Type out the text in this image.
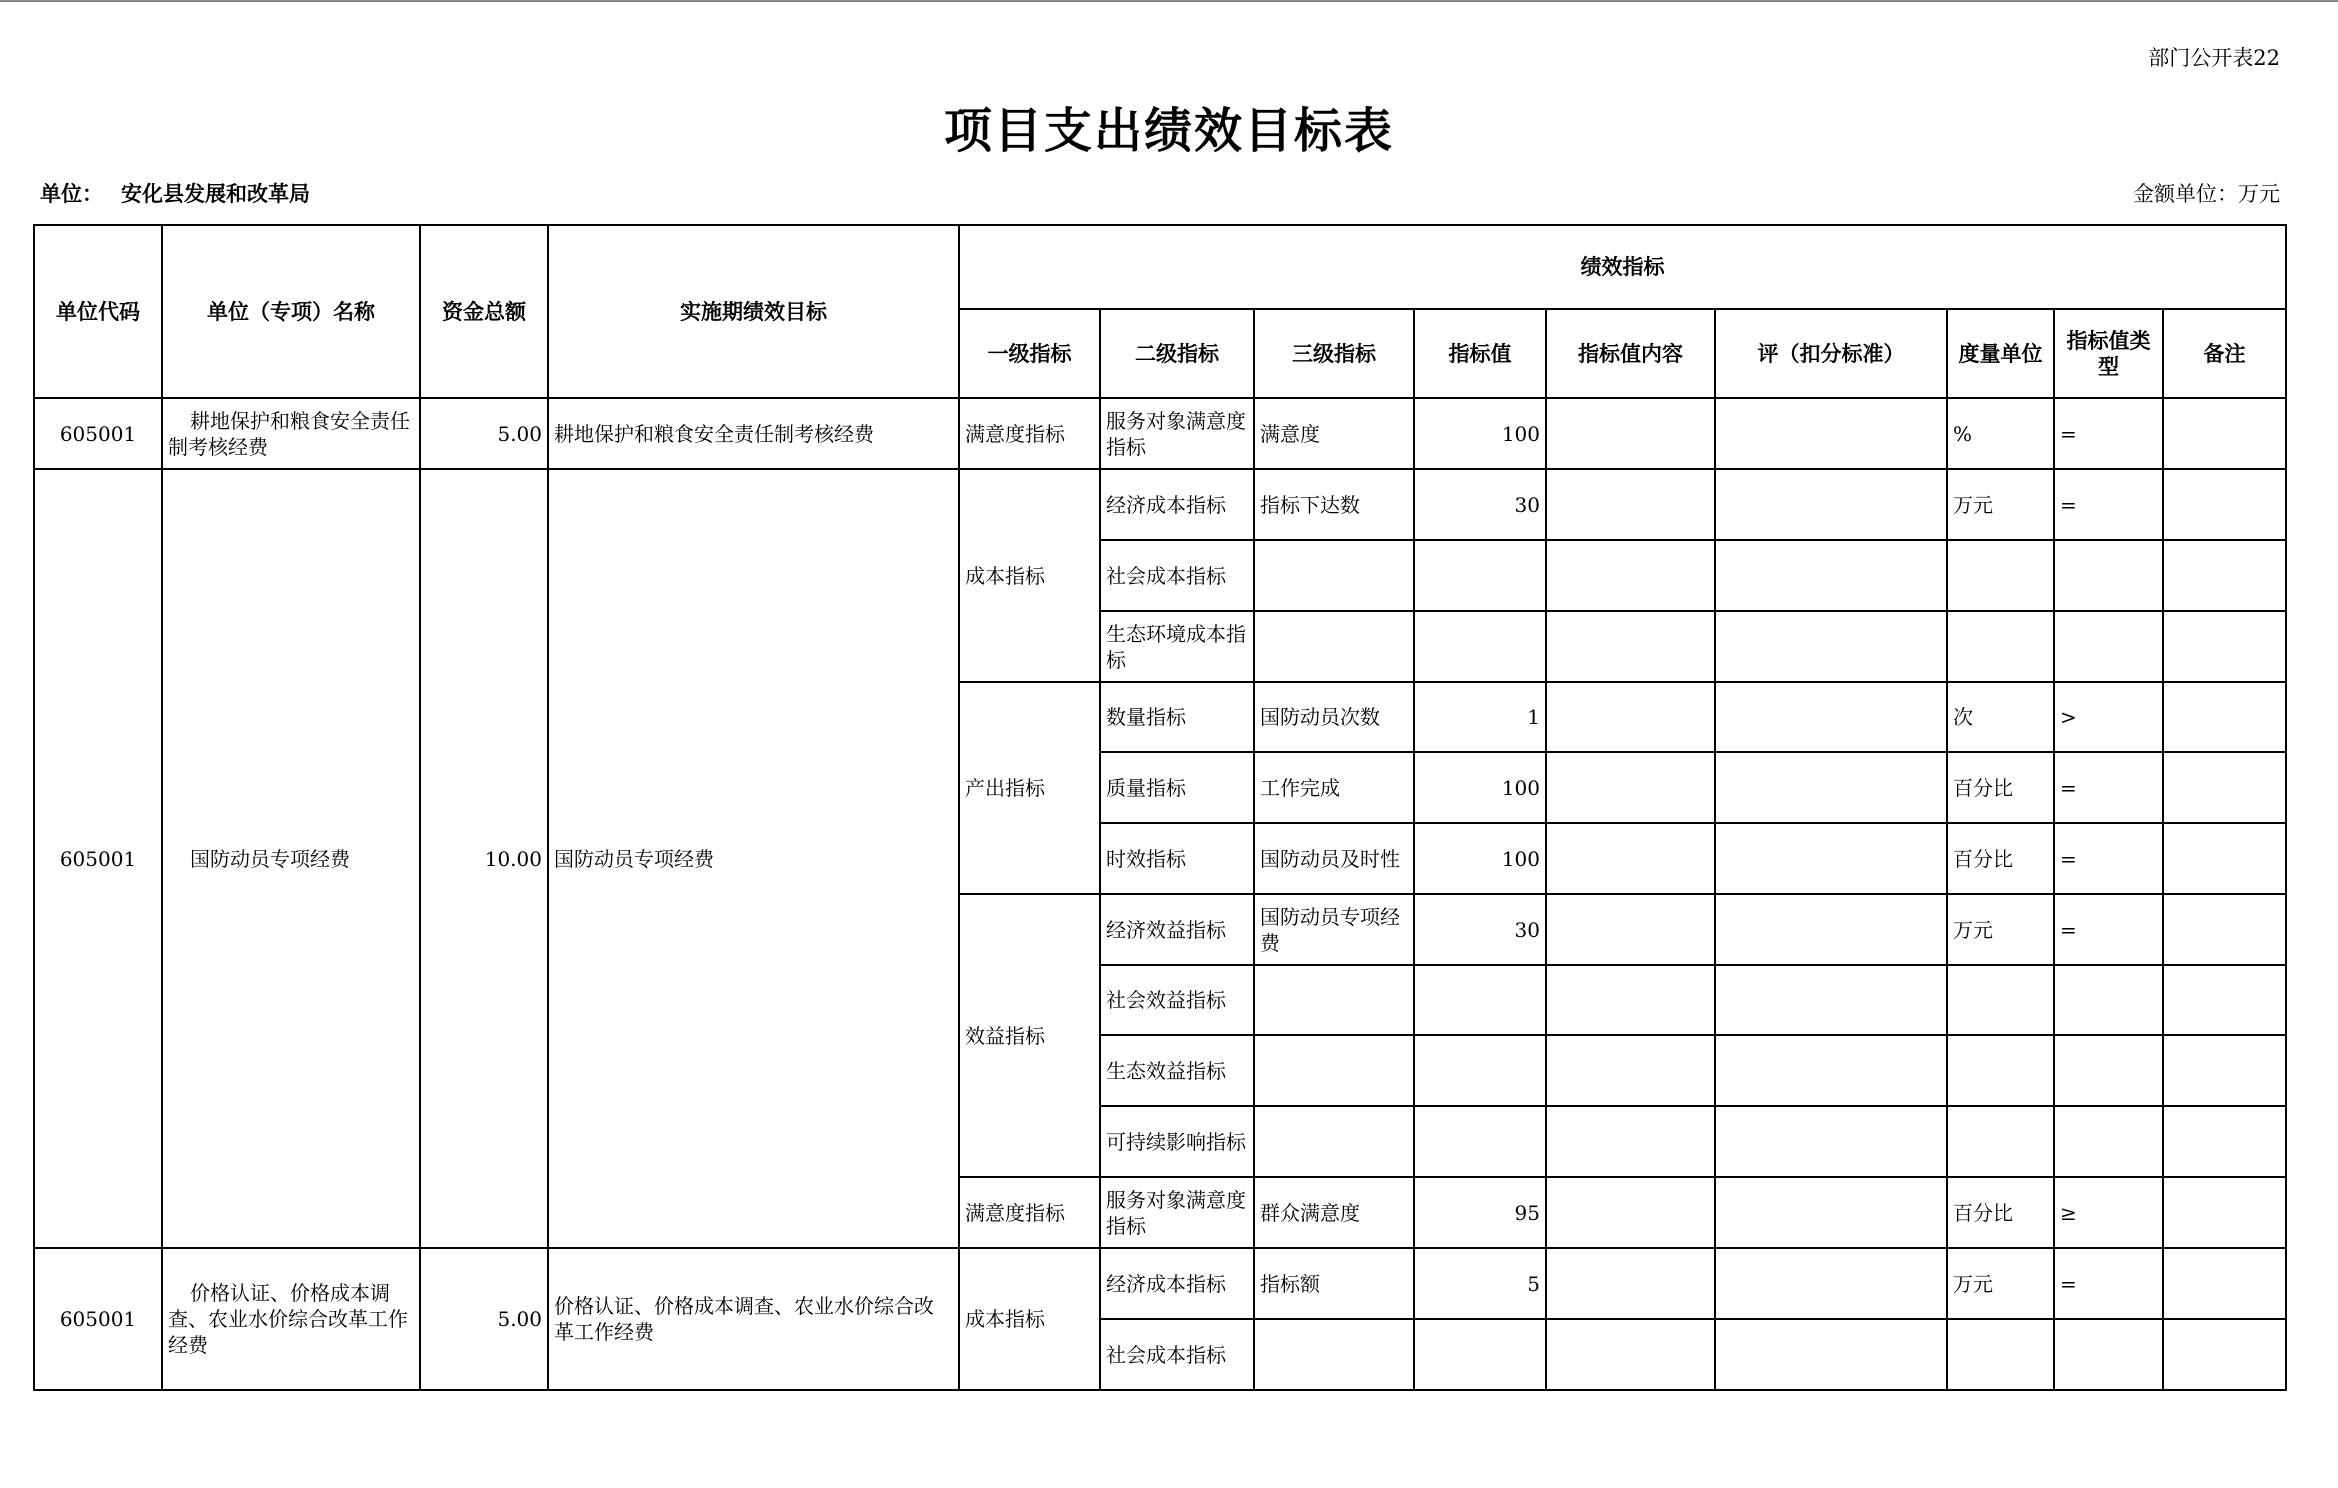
部门公开表22
项目支出绩效目标表
单位： 安化县发展和改革局	金额单位：万元
单位代码	单位（专项）名称	资金总额	实施期绩效目标	绩效指标								
				一级指标	二级指标	三级指标	指标值	指标值内容	评（扣分标准）	度量单位	指标值类型	备注
605001	耕地保护和粮食安全责任制考核经费	5.00	耕地保护和粮食安全责任制考核经费	满意度指标	服务对象满意度指标	满意度	100			%	=	
605001	国防动员专项经费	10.00	国防动员专项经费	成本指标	经济成本指标	指标下达数	30			万元	=	
					社会成本指标							
					生态环境成本指标							
				产出指标	数量指标	国防动员次数	1			次	>	
					质量指标	工作完成	100			百分比	=	
					时效指标	国防动员及时性	100			百分比	=	
				效益指标	经济效益指标	国防动员专项经费	30			万元	=	
					社会效益指标							
					生态效益指标							
					可持续影响指标							
				满意度指标	服务对象满意度指标	群众满意度	95			百分比	≥	
605001	价格认证、价格成本调查、农业水价综合改革工作经费	5.00	价格认证、价格成本调查、农业水价综合改革工作经费	成本指标	经济成本指标	指标额	5			万元	=	
					社会成本指标							
